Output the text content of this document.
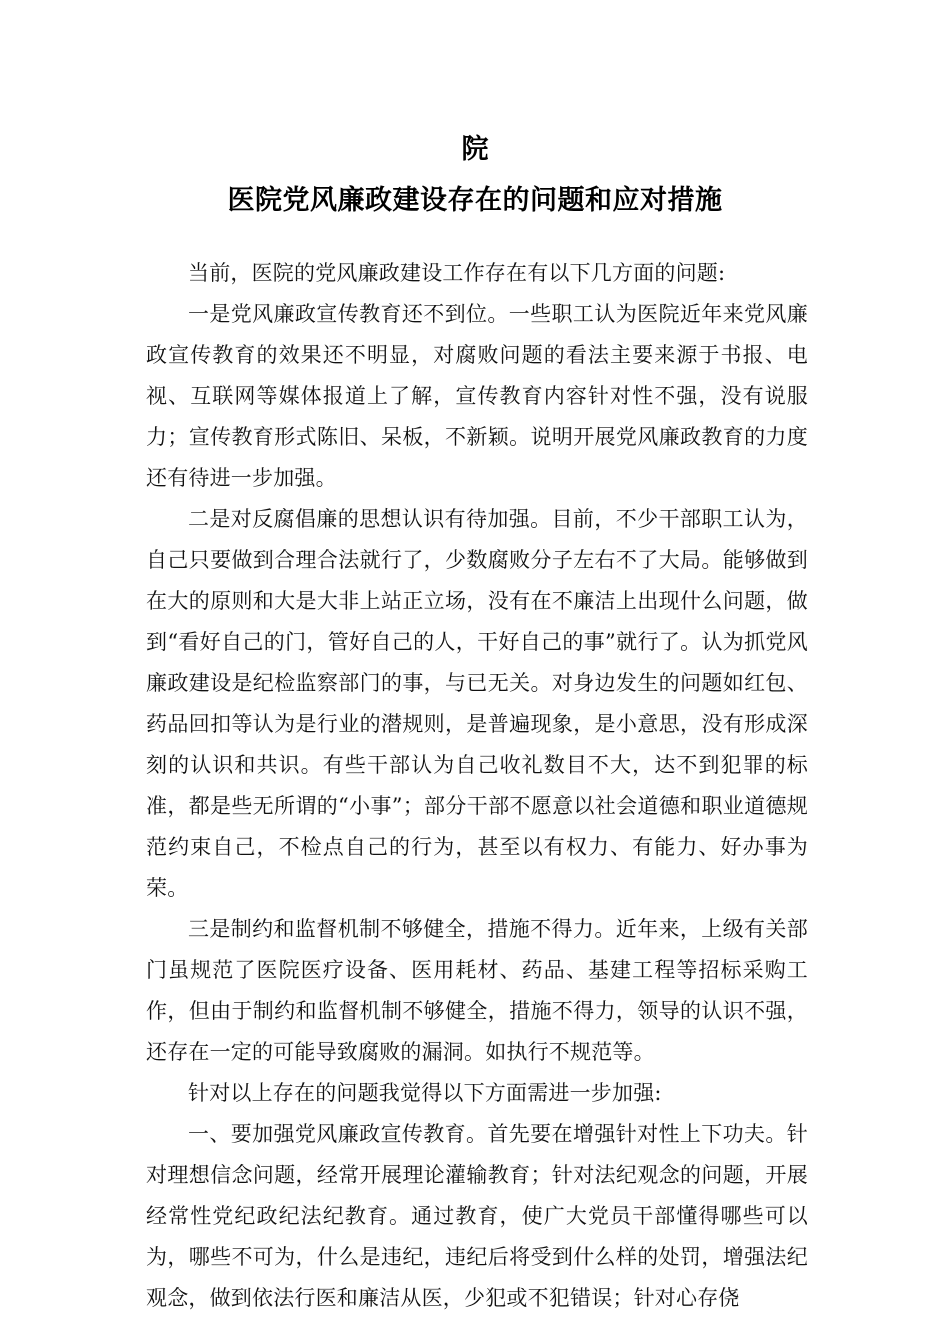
院
医院党风廉政建设存在的问题和应对措施

当前，医院的党风廉政建设工作存在有以下几方面的问题:

一是党风廉政宣传教育还不到位。一些职工认为医院近年来党风廉政宣传教育的效果还不明显，对腐败问题的看法主要来源于书报、电视、互联网等媒体报道上了解，宣传教育内容针对性不强，没有说服力；宣传教育形式陈旧、呆板，不新颖。说明开展党风廉政教育的力度还有待进一步加强。

二是对反腐倡廉的思想认识有待加强。目前，不少干部职工认为，自己只要做到合理合法就行了，少数腐败分子左右不了大局。能够做到在大的原则和大是大非上站正立场，没有在不廉洁上出现什么问题，做到“看好自己的门，管好自己的人，干好自己的事”就行了。认为抓党风廉政建设是纪检监察部门的事，与已无关。对身边发生的问题如红包、药品回扣等认为是行业的潜规则，是普遍现象，是小意思，没有形成深刻的认识和共识。有些干部认为自己收礼数目不大，达不到犯罪的标准，都是些无所谓的“小事”；部分干部不愿意以社会道德和职业道德规范约束自己，不检点自己的行为，甚至以有权力、有能力、好办事为荣。

三是制约和监督机制不够健全，措施不得力。近年来，上级有关部门虽规范了医院医疗设备、医用耗材、药品、基建工程等招标采购工作，但由于制约和监督机制不够健全，措施不得力，领导的认识不强，还存在一定的可能导致腐败的漏洞。如执行不规范等。

针对以上存在的问题我觉得以下方面需进一步加强:

一、要加强党风廉政宣传教育。首先要在增强针对性上下功夫。针对理想信念问题，经常开展理论灌输教育；针对法纪观念的问题，开展经常性党纪政纪法纪教育。通过教育，使广大党员干部懂得哪些可以为，哪些不可为，什么是违纪，违纪后将受到什么样的处罚，增强法纪观念，做到依法行医和廉洁从医，少犯或不犯错误；针对心存侥
